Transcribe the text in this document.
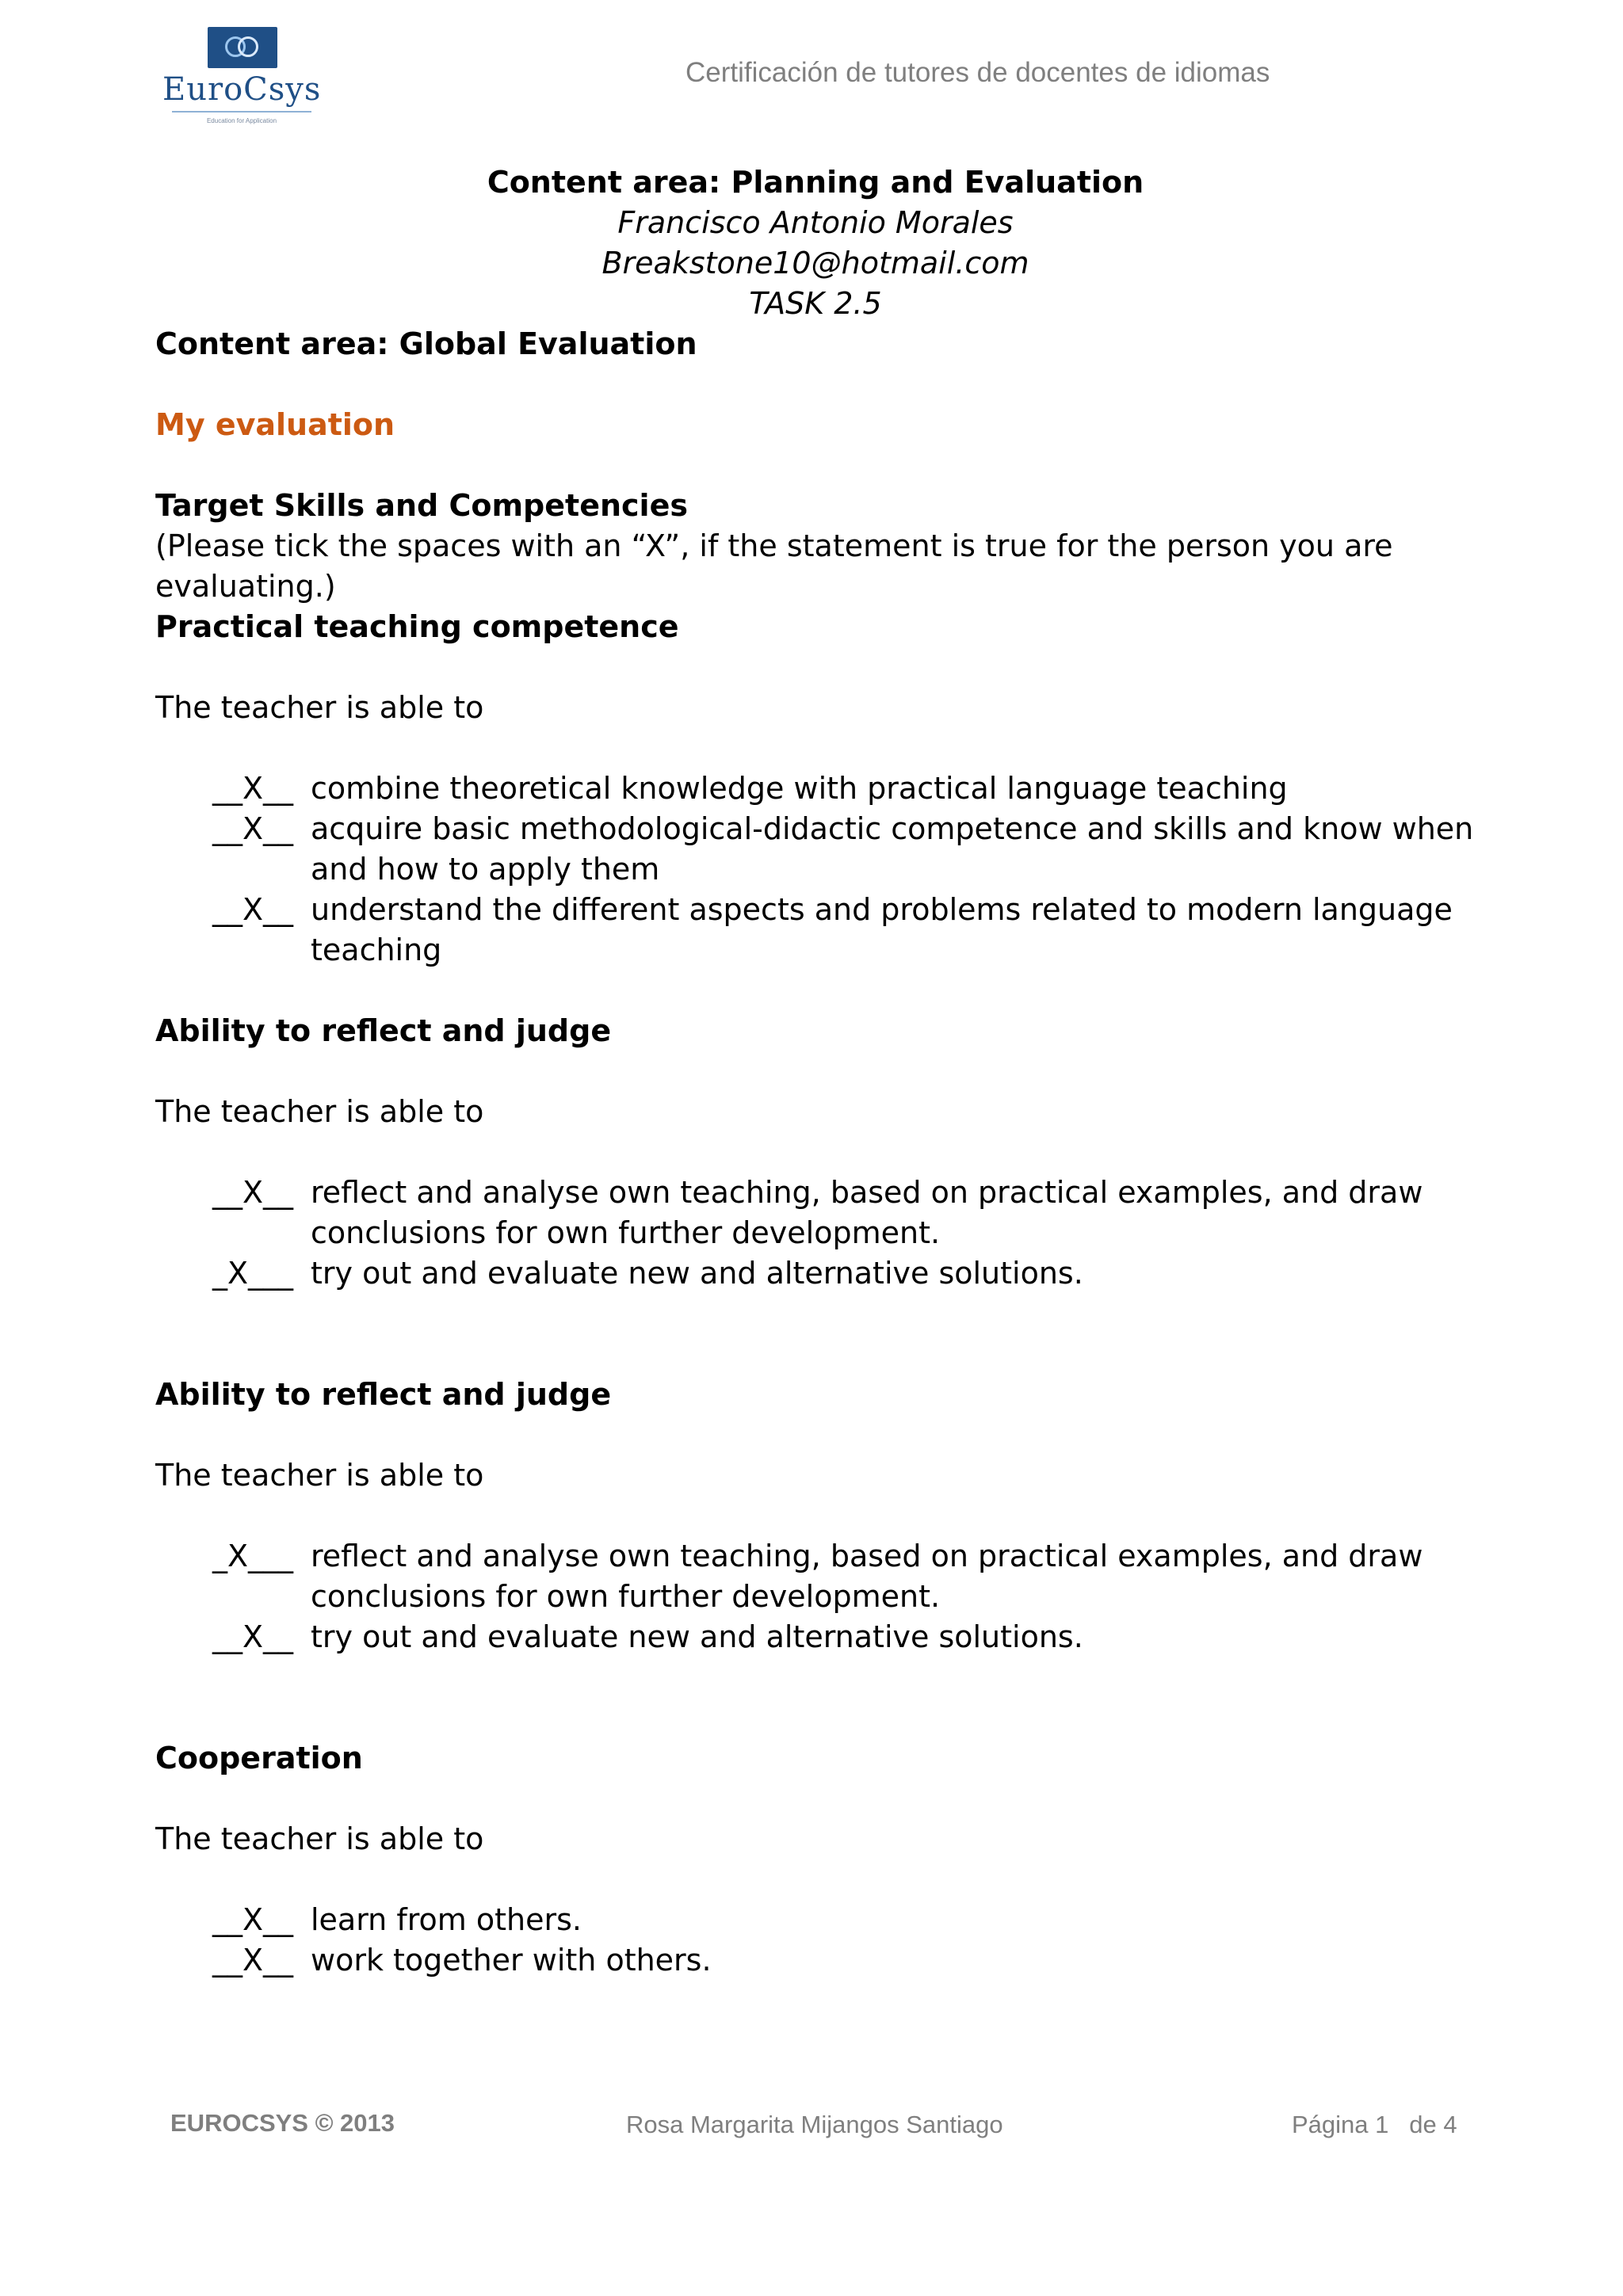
EuroCsys
Education for Application
Certificación de tutores de docentes de idiomas
Content area: Planning and Evaluation
Francisco Antonio Morales
Breakstone10@hotmail.com
TASK 2.5
Content area: Global Evaluation
My evaluation
Target Skills and Competencies
(Please tick the spaces with an “X”, if the statement is true for the person you are evaluating.)
Practical teaching competence
The teacher is able to
__X__ combine theoretical knowledge with practical language teaching
__X__ acquire basic methodological-didactic competence and skills and know when and how to apply them
__X__ understand the different aspects and problems related to modern language teaching
Ability to reflect and judge
The teacher is able to
__X__ reflect and analyse own teaching, based on practical examples, and draw conclusions for own further development.
_X___ try out and evaluate new and alternative solutions.
Ability to reflect and judge
The teacher is able to
_X___ reflect and analyse own teaching, based on practical examples, and draw conclusions for own further development.
__X__ try out and evaluate new and alternative solutions.
Cooperation
The teacher is able to
__X__ learn from others.
__X__ work together with others.
EUROCSYS © 2013	Rosa Margarita Mijangos Santiago	Página 1   de 4
